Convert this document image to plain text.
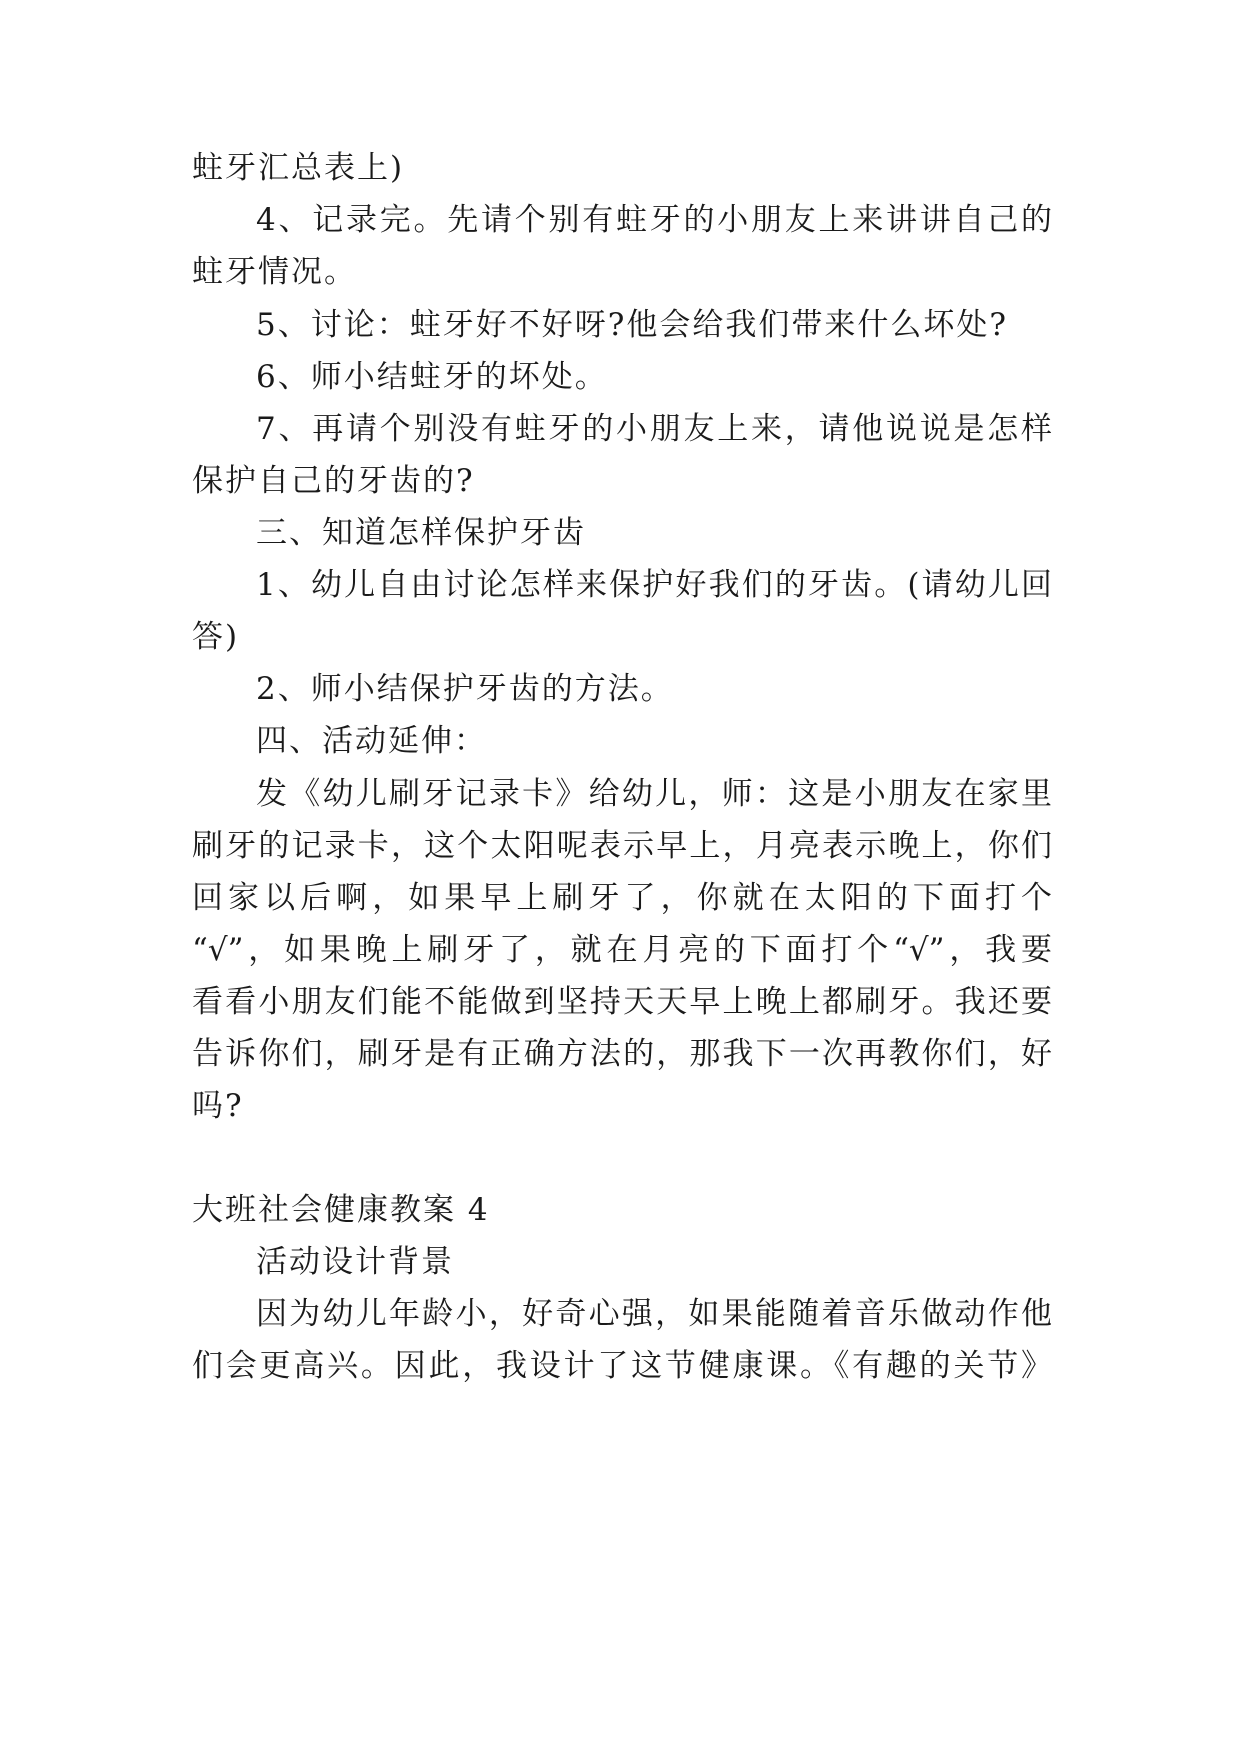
蛀牙汇总表上)
4、记录完。先请个别有蛀牙的小朋友上来讲讲自己的
蛀牙情况。
5、讨论：蛀牙好不好呀?他会给我们带来什么坏处?
6、师小结蛀牙的坏处。
7、再请个别没有蛀牙的小朋友上来，请他说说是怎样
保护自己的牙齿的?
三、知道怎样保护牙齿
1、幼儿自由讨论怎样来保护好我们的牙齿。(请幼儿回
答)
2、师小结保护牙齿的方法。
四、活动延伸：
发《幼儿刷牙记录卡》给幼儿，师：这是小朋友在家里
刷牙的记录卡，这个太阳呢表示早上，月亮表示晚上，你们
回家以后啊，如果早上刷牙了，你就在太阳的下面打个
“√”，如果晚上刷牙了，就在月亮的下面打个“√”，我要
看看小朋友们能不能做到坚持天天早上晚上都刷牙。我还要
告诉你们，刷牙是有正确方法的，那我下一次再教你们，好
吗?
大班社会健康教案 4
活动设计背景
因为幼儿年龄小，好奇心强，如果能随着音乐做动作他
们会更高兴。因此，我设计了这节健康课。《有趣的关节》
